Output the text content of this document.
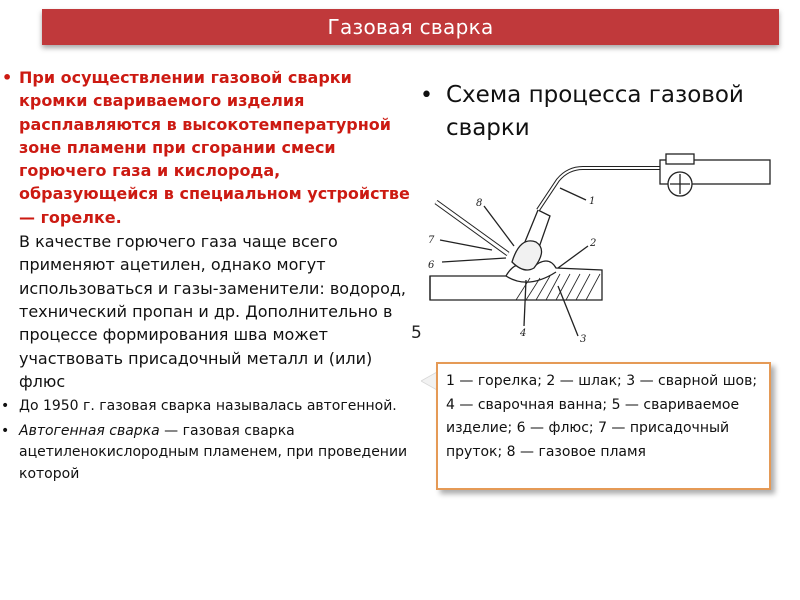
Газовая сварка
• При осуществлении газовой сварки кромки свариваемого изделия расплавляются в высокотемпературной зоне пламени при сгорании смеси горючего газа и кислорода, образующейся в специальном устройстве — горелке.
В качестве горючего газа чаще всего применяют ацетилен, однако могут использоваться и газы-заменители: водород, технический пропан и др. Дополнительно в процессе формирования шва может участвовать присадочный металл и (или) флюс
• До 1950 г. газовая сварка называлась автогенной.
• Автогенная сварка — газовая сварка ацетиленокислородным пламенем, при проведении которой
• Схема процесса газовой сварки
1
2
3
4
6
7
8
5
1 — горелка; 2 — шлак; 3 — сварной шов; 4 — сварочная ванна; 5 — свариваемое изделие; 6 — флюс; 7 — присадочный пруток; 8 — газовое пламя
